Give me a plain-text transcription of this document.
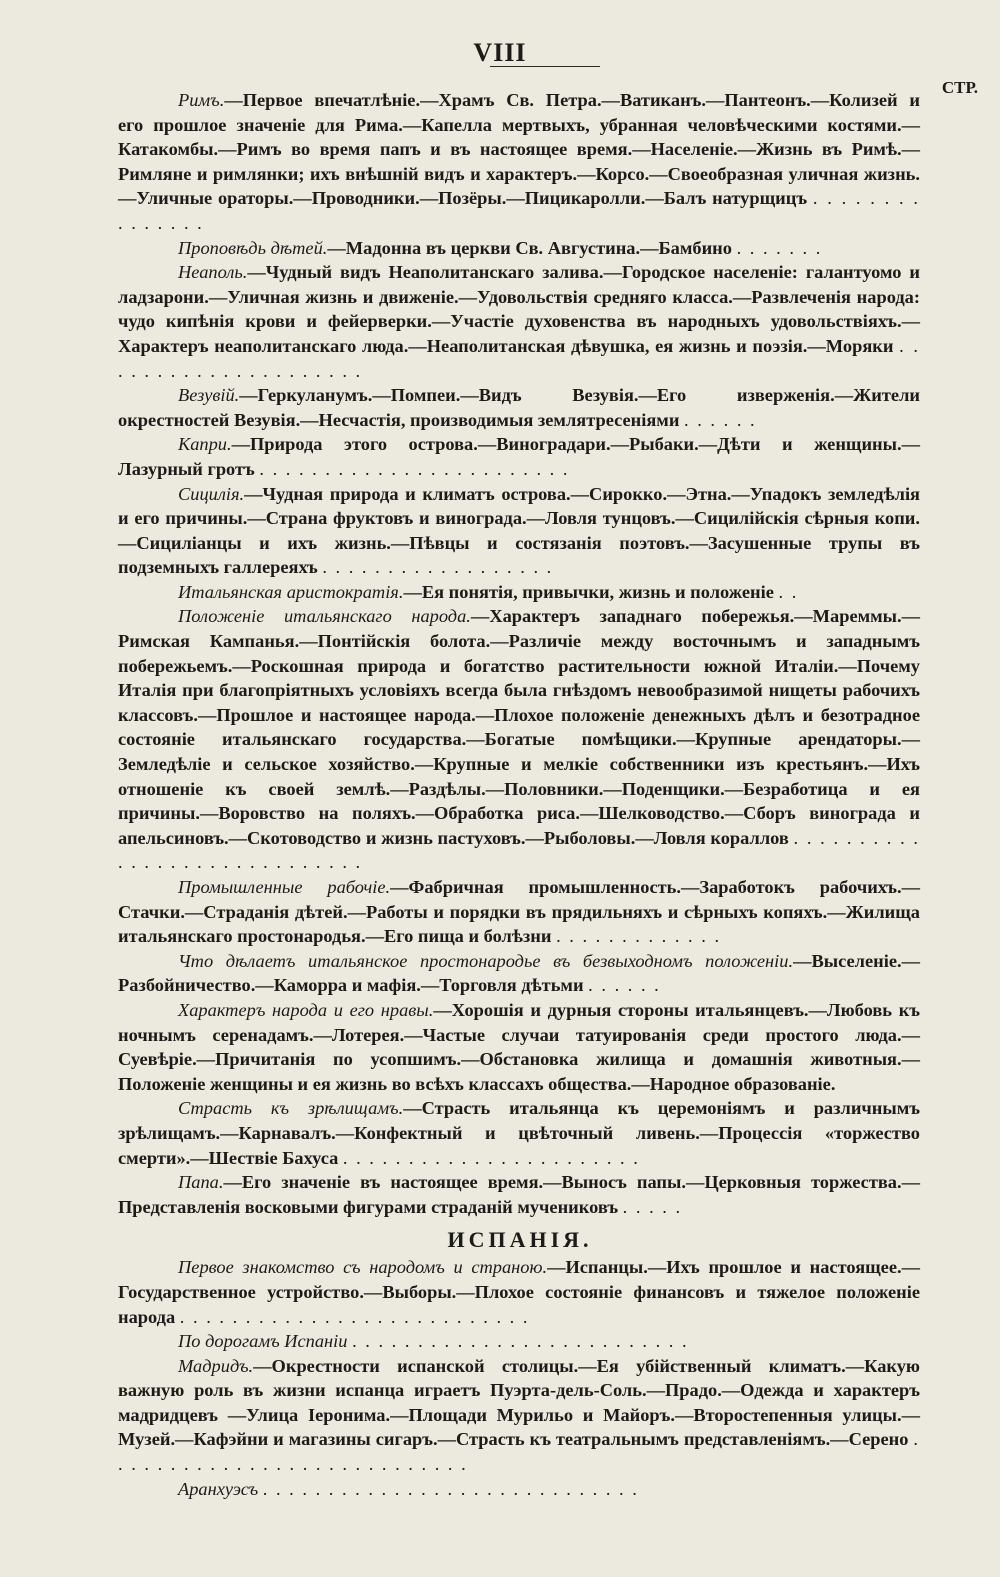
VIII
СТР.
Римъ.—Первое впечатлѣніе.—Храмъ Св. Петра.—Ватиканъ.—Пантеонъ.—Колизей и его прошлое значеніе для Рима.—Капелла мертвыхъ, убранная человѣческими костями.—Катакомбы.—Римъ во время папъ и въ настоящее время.—Населеніе.—Жизнь въ Римѣ.—Римляне и римлянки; ихъ внѣшній видъ и характеръ.—Корсо.—Своеобразная уличная жизнь.—Уличные ораторы.—Проводники.—Позёры.—Пицикаролли.—Балъ натурщицъ . . . . . . . . . . . . . . .
Проповѣдь дѣтей.—Мадонна въ церкви Св. Августина.—Бамбино . . . . . . .
Неаполь.—Чудный видъ Неаполитанскаго залива.—Городское населеніе: галантуомо и ладзарони.—Уличная жизнь и движеніе.—Удовольствія средняго класса.—Развлеченія народа: чудо кипѣнія крови и фейерверки.—Участіе духовенства въ народныхъ удовольствіяхъ.—Характеръ неаполитанскаго люда.—Неаполитанская дѣвушка, ея жизнь и поэзія.—Моряки . . . . . . . . . . . . . . . . . . . . .
Везувій.—Геркуланумъ.—Помпеи.—Видъ Везувія.—Его изверженія.—Жители окрестностей Везувія.—Несчастія, производимыя землятресеніями . . . . . .
Капри.—Природа этого острова.—Виноградари.—Рыбаки.—Дѣти и женщины.—Лазурный гротъ . . . . . . . . . . . . . . . . . . . . . . . .
Сицилія.—Чудная природа и климатъ острова.—Сирокко.—Этна.—Упадокъ земледѣлія и его причины.—Страна фруктовъ и винограда.—Ловля тунцовъ.—Сицилійскія сѣрныя копи.—Сициліанцы и ихъ жизнь.—Пѣвцы и состязанія поэтовъ.—Засушенные трупы въ подземныхъ галлереяхъ . . . . . . . . . . . . . . . . . .
Итальянская аристократія.—Ея понятія, привычки, жизнь и положеніе . .
Положеніе итальянскаго народа.—Характеръ западнаго побережья.—Мареммы.—Римская Кампанья.—Понтійскія болота.—Различіе между восточнымъ и западнымъ побережьемъ.—Роскошная природа и богатство растительности южной Италіи.—Почему Италія при благопріятныхъ условіяхъ всегда была гнѣздомъ невообразимой нищеты рабочихъ классовъ.—Прошлое и настоящее народа.—Плохое положеніе денежныхъ дѣлъ и безотрадное состояніе итальянскаго государства.—Богатые помѣщики.—Крупные арендаторы.—Земледѣліе и сельское хозяйство.—Крупные и мелкіе собственники изъ крестьянъ.—Ихъ отношеніе къ своей землѣ.—Раздѣлы.—Половники.—Поденщики.—Безработица и ея причины.—Воровство на поляхъ.—Обработка риса.—Шелководство.—Сборъ винограда и апельсиновъ.—Скотоводство и жизнь пастуховъ.—Рыболовы.—Ловля кораллов . . . . . . . . . . . . . . . . . . . . . . . . . . . . .
Промышленные рабочіе.—Фабричная промышленность.—Заработокъ рабочихъ.—Стачки.—Страданія дѣтей.—Работы и порядки въ прядильняхъ и сѣрныхъ копяхъ.—Жилища итальянскаго простонародья.—Его пища и болѣзни . . . . . . . . . . . . .
Что дѣлаетъ итальянское простонародье въ безвыходномъ положеніи.—Выселеніе.—Разбойничество.—Каморра и мафія.—Торговля дѣтьми . . . . . .
Характеръ народа и его нравы.—Хорошія и дурныя стороны итальянцевъ.—Любовь къ ночнымъ серенадамъ.—Лотерея.—Частые случаи татуированія среди простого люда.—Суевѣріе.—Причитанія по усопшимъ.—Обстановка жилища и домашнія животныя.—Положеніе женщины и ея жизнь во всѣхъ классахъ общества.—Народное образованіе.
Страсть къ зрѣлищамъ.—Страсть итальянца къ церемоніямъ и различнымъ зрѣлищамъ.—Карнавалъ.—Конфектный и цвѣточный ливень.—Процессія «торжество смерти».—Шествіе Бахуса . . . . . . . . . . . . . . . . . . . . . . .
Папа.—Его значеніе въ настоящее время.—Выносъ папы.—Церковныя торжества.—Представленія восковыми фигурами страданій мучениковъ . . . . .
ИСПАНІЯ.
Первое знакомство съ народомъ и страною.—Испанцы.—Ихъ прошлое и настоящее.—Государственное устройство.—Выборы.—Плохое состояніе финансовъ и тяжелое положеніе народа . . . . . . . . . . . . . . . . . . . . . . . . . . .
По дорогамъ Испаніи . . . . . . . . . . . . . . . . . . . . . . . . . .
Мадридъ.—Окрестности испанской столицы.—Ея убійственный климатъ.—Какую важную роль въ жизни испанца играетъ Пуэрта-дель-Соль.—Прадо.—Одежда и характеръ мадридцевъ —Улица Іеронима.—Площади Мурильо и Майоръ.—Второстепенныя улицы.—Музей.—Кафэйни и магазины сигаръ.—Страсть къ театральнымъ представленіямъ.—Серено . . . . . . . . . . . . . . . . . . . . . . . . . . . .
Аранхуэсъ . . . . . . . . . . . . . . . . . . . . . . . . . . . . .
